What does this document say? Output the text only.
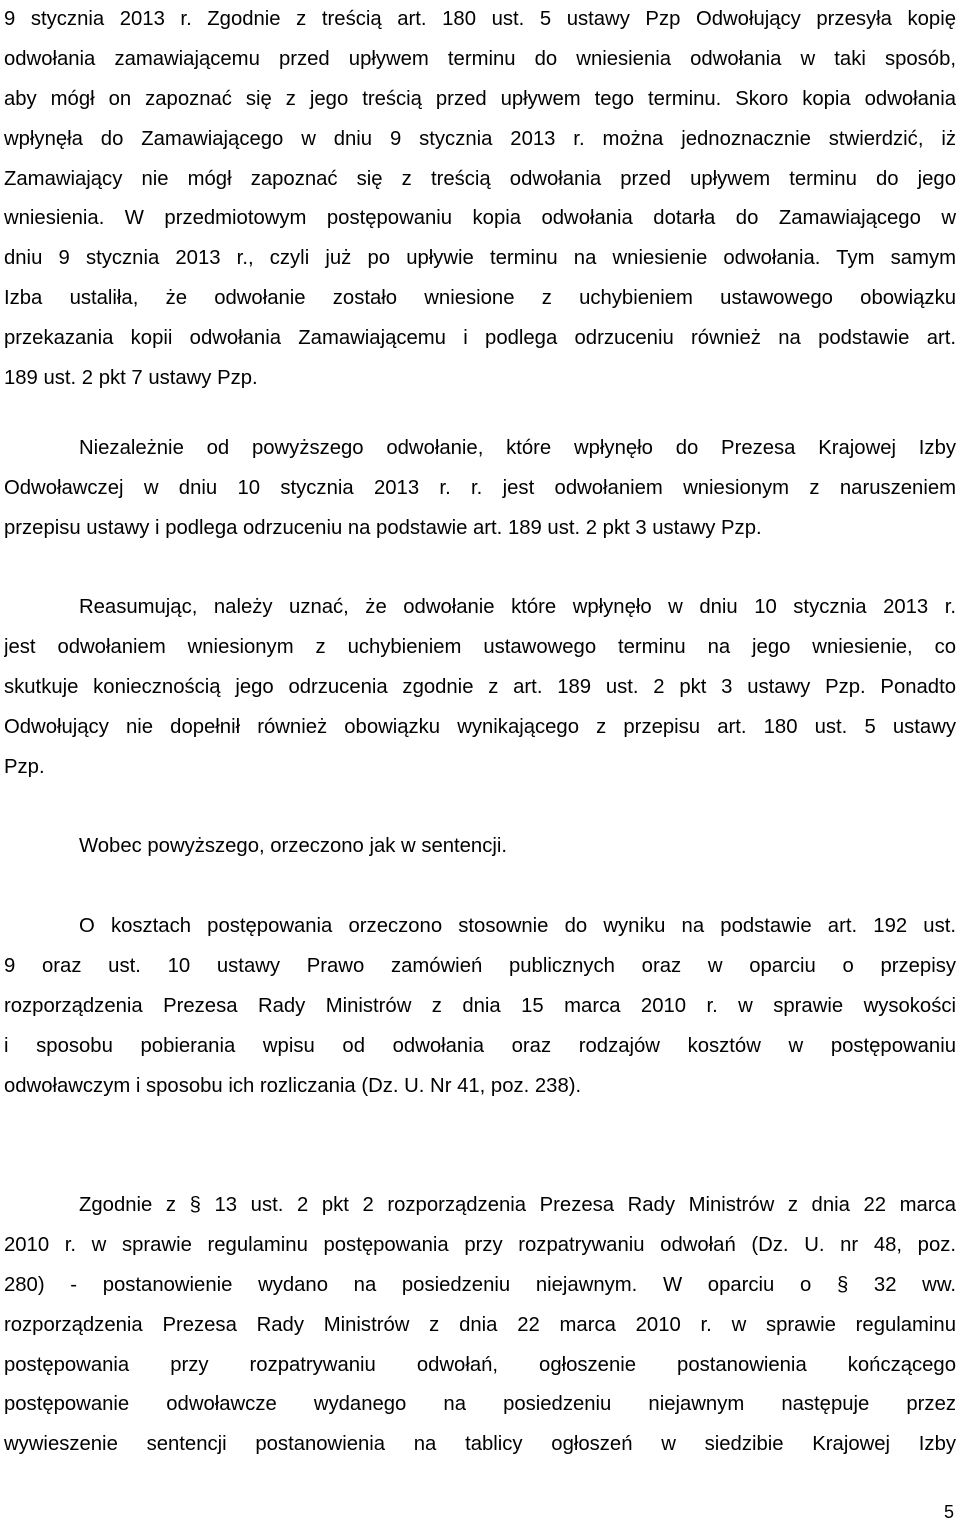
9 stycznia 2013 r. Zgodnie z treścią art. 180 ust. 5 ustawy Pzp Odwołujący przesyła kopię
odwołania zamawiającemu przed upływem terminu do wniesienia odwołania w taki sposób,
aby mógł on zapoznać się z jego treścią przed upływem tego terminu. Skoro kopia odwołania
wpłynęła do Zamawiającego w dniu 9 stycznia 2013 r. można jednoznacznie stwierdzić, iż
Zamawiający nie mógł zapoznać się z treścią odwołania przed upływem terminu do jego
wniesienia. W przedmiotowym postępowaniu kopia odwołania dotarła do Zamawiającego w
dniu 9 stycznia 2013 r., czyli już po upływie terminu na wniesienie odwołania. Tym samym
Izba ustaliła, że odwołanie zostało wniesione z uchybieniem ustawowego obowiązku
przekazania kopii odwołania Zamawiającemu i podlega odrzuceniu również na podstawie art.
189 ust. 2 pkt 7 ustawy Pzp.
Niezależnie od powyższego odwołanie, które wpłynęło do Prezesa Krajowej Izby
Odwoławczej w dniu 10 stycznia 2013 r. r. jest odwołaniem wniesionym z naruszeniem
przepisu ustawy i podlega odrzuceniu na podstawie art. 189 ust. 2 pkt 3 ustawy Pzp.
Reasumując, należy uznać, że odwołanie które wpłynęło w dniu 10 stycznia 2013 r.
jest odwołaniem wniesionym z uchybieniem ustawowego terminu na jego wniesienie, co
skutkuje koniecznością jego odrzucenia zgodnie z art. 189 ust. 2 pkt 3 ustawy Pzp. Ponadto
Odwołujący nie dopełnił również obowiązku wynikającego z przepisu art. 180 ust. 5 ustawy
Pzp.
Wobec powyższego, orzeczono jak w sentencji.
O kosztach postępowania orzeczono stosownie do wyniku na podstawie art. 192 ust.
9 oraz ust. 10 ustawy Prawo zamówień publicznych oraz w oparciu o przepisy
rozporządzenia Prezesa Rady Ministrów z dnia 15 marca 2010 r. w sprawie wysokości
i sposobu pobierania wpisu od odwołania oraz rodzajów kosztów w postępowaniu
odwoławczym i sposobu ich rozliczania (Dz. U. Nr 41, poz. 238).
Zgodnie z § 13 ust. 2 pkt 2 rozporządzenia Prezesa Rady Ministrów z dnia 22 marca
2010 r. w sprawie regulaminu postępowania przy rozpatrywaniu odwołań (Dz. U. nr 48, poz.
280) - postanowienie wydano na posiedzeniu niejawnym. W oparciu o § 32 ww.
rozporządzenia Prezesa Rady Ministrów z dnia 22 marca 2010 r. w sprawie regulaminu
postępowania przy rozpatrywaniu odwołań, ogłoszenie postanowienia kończącego
postępowanie odwoławcze wydanego na posiedzeniu niejawnym następuje przez
wywieszenie sentencji postanowienia na tablicy ogłoszeń w siedzibie Krajowej Izby
5
